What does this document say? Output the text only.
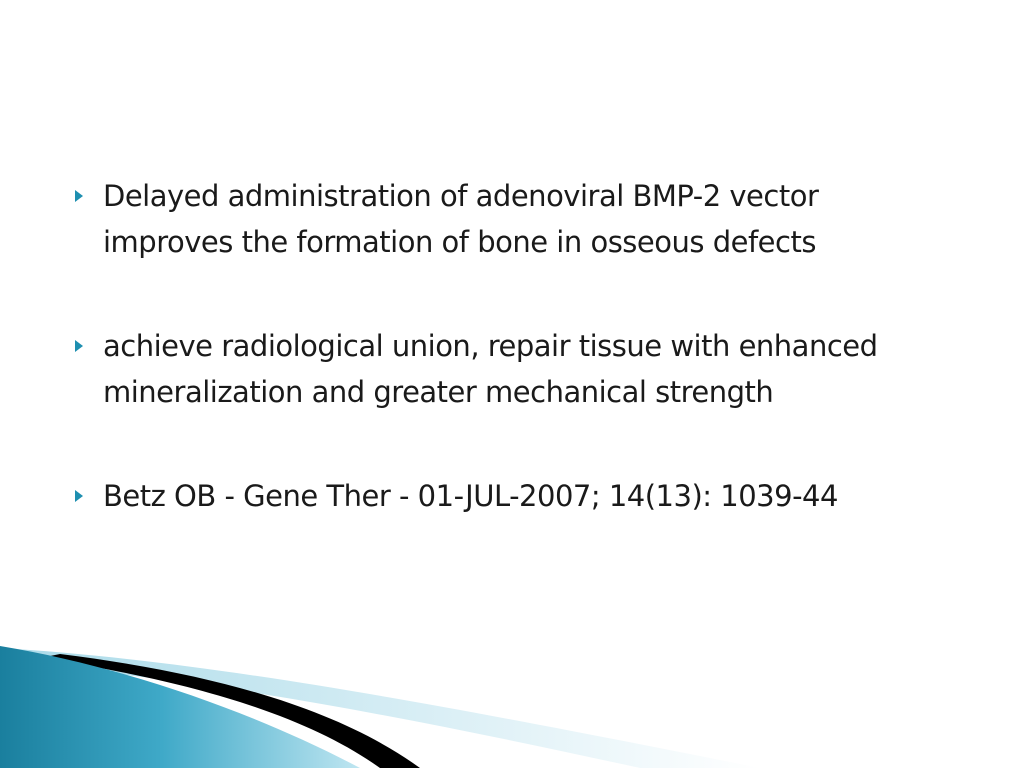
Delayed administration of adenoviral BMP-2 vector improves the formation of bone in osseous defects
achieve radiological union, repair tissue with enhanced mineralization and greater mechanical strength
Betz OB - Gene Ther - 01-JUL-2007; 14(13): 1039-44
